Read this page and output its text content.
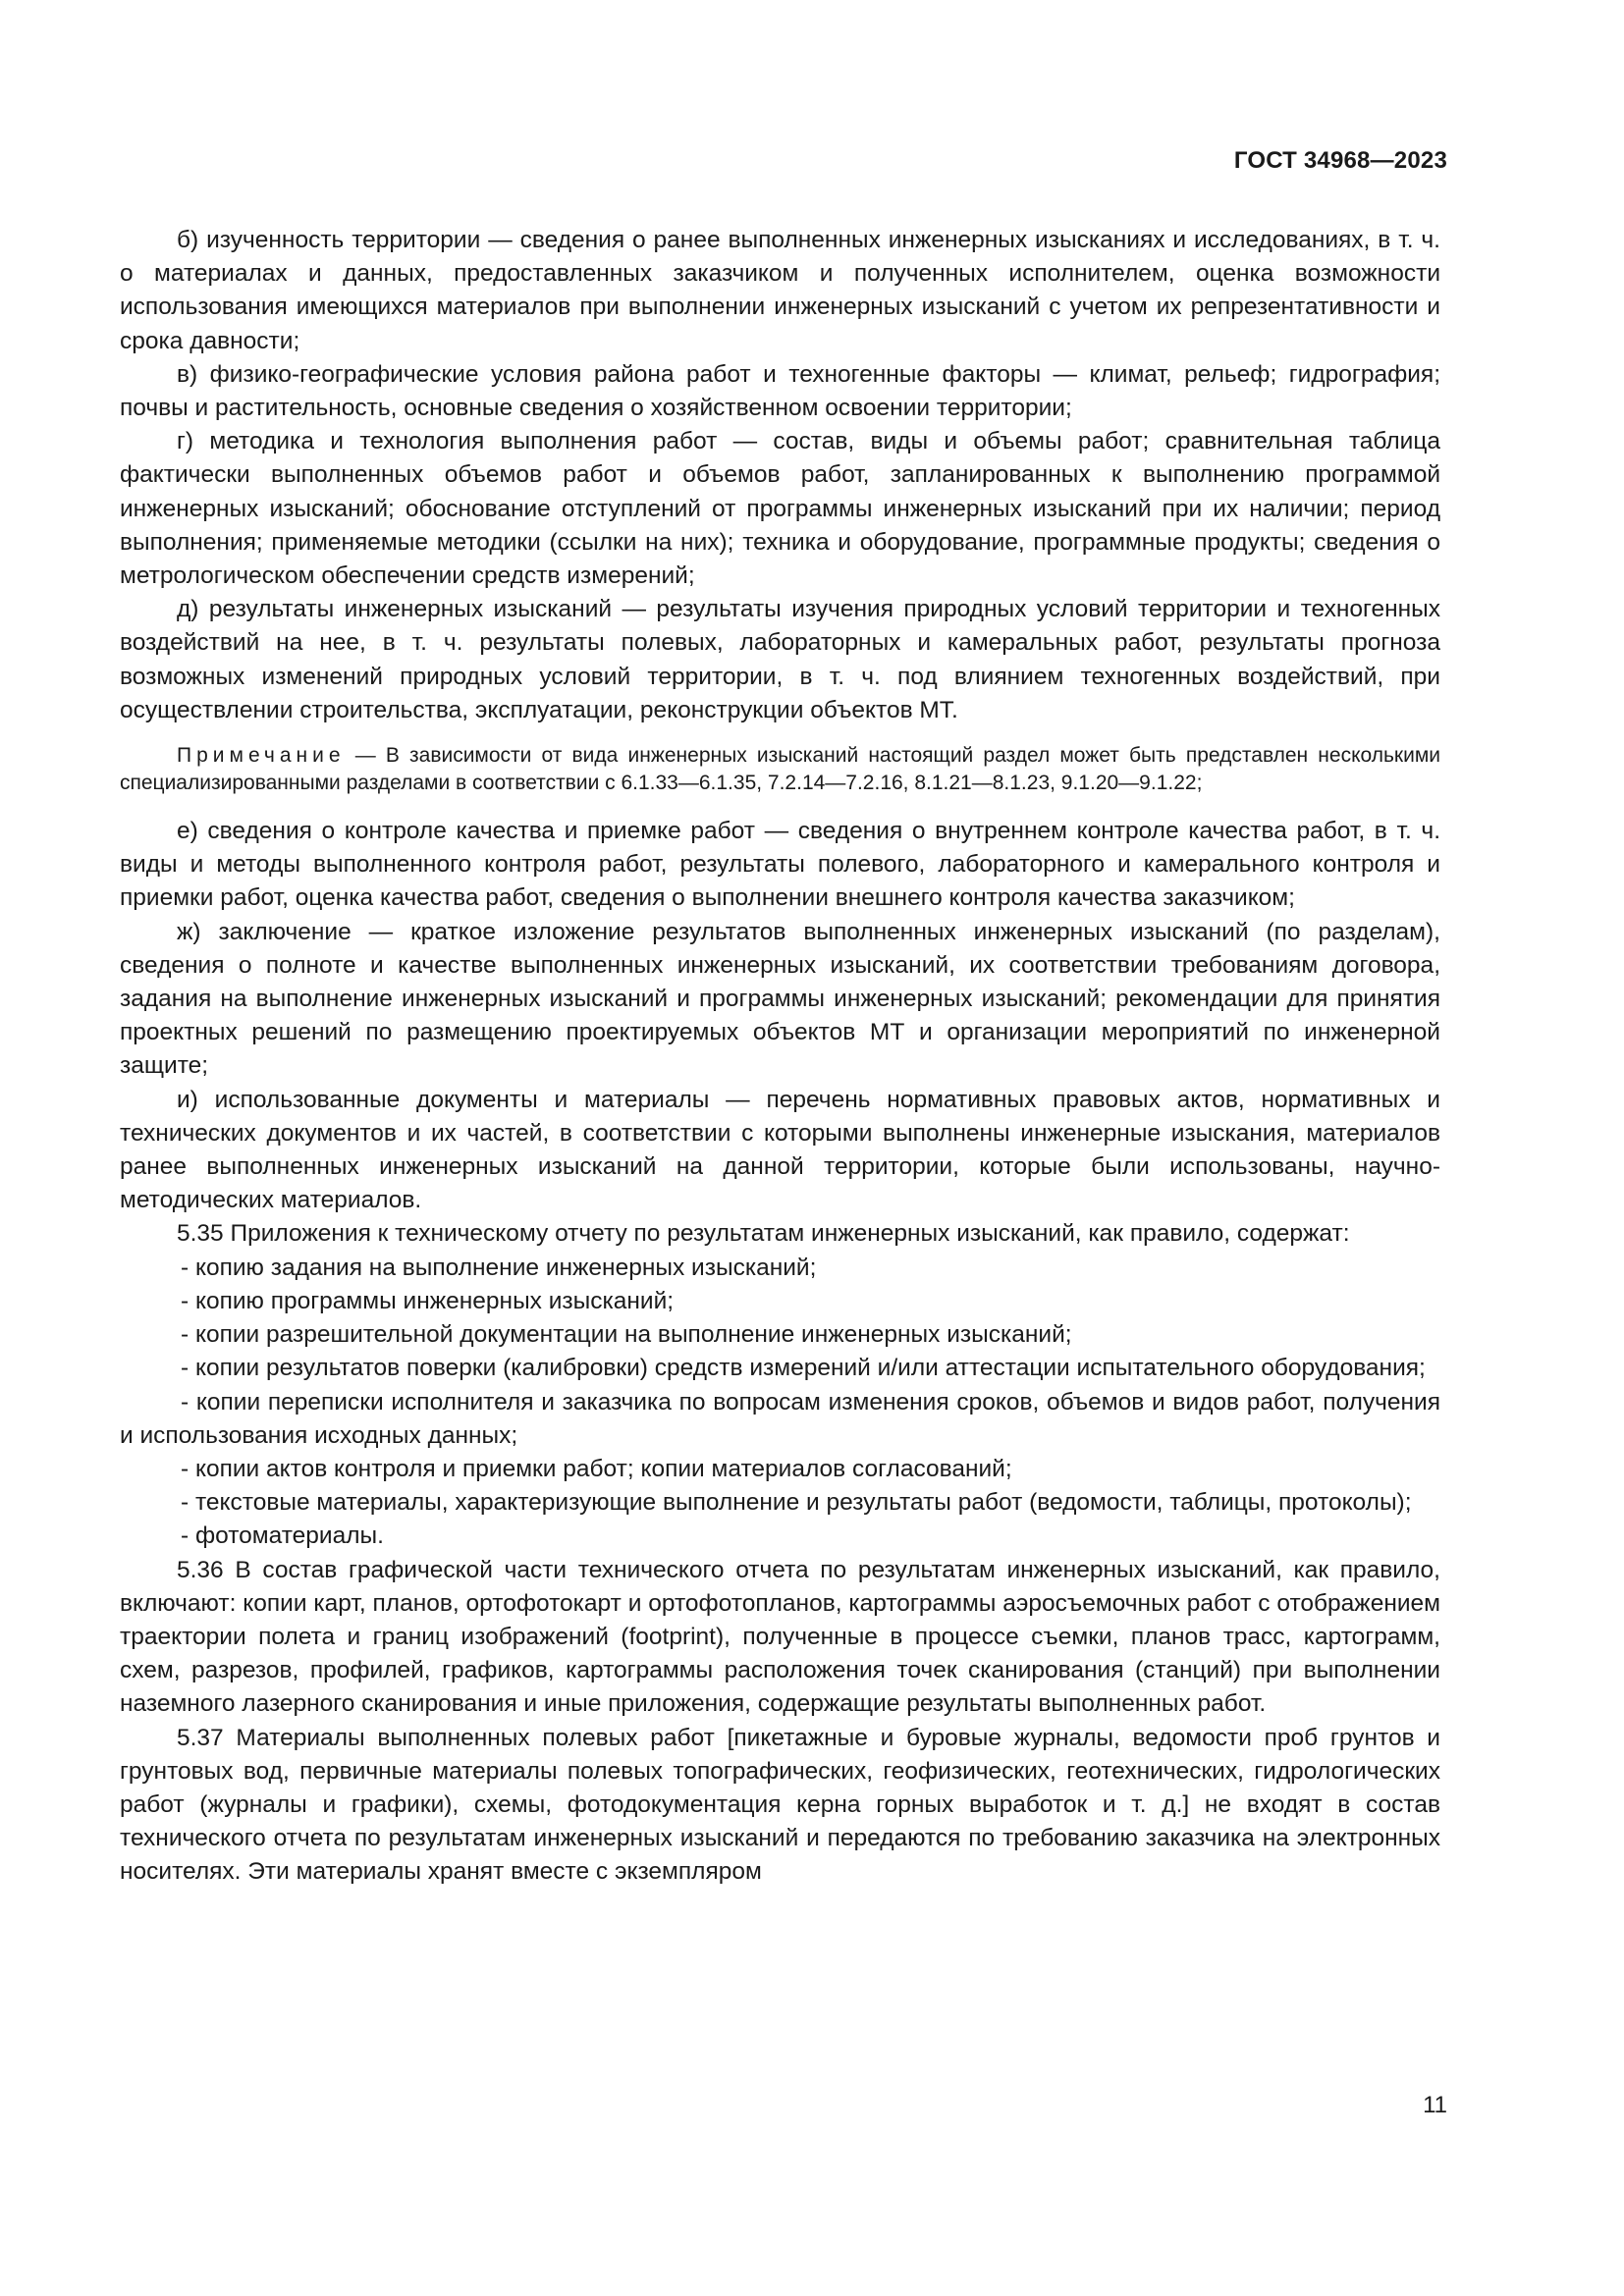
ГОСТ 34968—2023

б) изученность территории — сведения о ранее выполненных инженерных изысканиях и исследованиях, в т. ч. о материалах и данных, предоставленных заказчиком и полученных исполнителем, оценка возможности использования имеющихся материалов при выполнении инженерных изысканий с учетом их репрезентативности и срока давности;

в) физико-географические условия района работ и техногенные факторы — климат, рельеф; гидрография; почвы и растительность, основные сведения о хозяйственном освоении территории;

г) методика и технология выполнения работ — состав, виды и объемы работ; сравнительная таблица фактически выполненных объемов работ и объемов работ, запланированных к выполнению программой инженерных изысканий; обоснование отступлений от программы инженерных изысканий при их наличии; период выполнения; применяемые методики (ссылки на них); техника и оборудование, программные продукты; сведения о метрологическом обеспечении средств измерений;

д) результаты инженерных изысканий — результаты изучения природных условий территории и техногенных воздействий на нее, в т. ч. результаты полевых, лабораторных и камеральных работ, результаты прогноза возможных изменений природных условий территории, в т. ч. под влиянием техногенных воздействий, при осуществлении строительства, эксплуатации, реконструкции объектов МТ.

Примечание — В зависимости от вида инженерных изысканий настоящий раздел может быть представлен несколькими специализированными разделами в соответствии с 6.1.33—6.1.35, 7.2.14—7.2.16, 8.1.21—8.1.23, 9.1.20—9.1.22;

е) сведения о контроле качества и приемке работ — сведения о внутреннем контроле качества работ, в т. ч. виды и методы выполненного контроля работ, результаты полевого, лабораторного и камерального контроля и приемки работ, оценка качества работ, сведения о выполнении внешнего контроля качества заказчиком;

ж) заключение — краткое изложение результатов выполненных инженерных изысканий (по разделам), сведения о полноте и качестве выполненных инженерных изысканий, их соответствии требованиям договора, задания на выполнение инженерных изысканий и программы инженерных изысканий; рекомендации для принятия проектных решений по размещению проектируемых объектов МТ и организации мероприятий по инженерной защите;

и) использованные документы и материалы — перечень нормативных правовых актов, нормативных и технических документов и их частей, в соответствии с которыми выполнены инженерные изыскания, материалов ранее выполненных инженерных изысканий на данной территории, которые были использованы, научно-методических материалов.

5.35 Приложения к техническому отчету по результатам инженерных изысканий, как правило, содержат:

- копию задания на выполнение инженерных изысканий;

- копию программы инженерных изысканий;

- копии разрешительной документации на выполнение инженерных изысканий;

- копии результатов поверки (калибровки) средств измерений и/или аттестации испытательного оборудования;

- копии переписки исполнителя и заказчика по вопросам изменения сроков, объемов и видов работ, получения и использования исходных данных;

- копии актов контроля и приемки работ; копии материалов согласований;

- текстовые материалы, характеризующие выполнение и результаты работ (ведомости, таблицы, протоколы);

- фотоматериалы.

5.36 В состав графической части технического отчета по результатам инженерных изысканий, как правило, включают: копии карт, планов, ортофотокарт и ортофотопланов, картограммы аэросъемочных работ с отображением траектории полета и границ изображений (footprint), полученные в процессе съемки, планов трасс, картограмм, схем, разрезов, профилей, графиков, картограммы расположения точек сканирования (станций) при выполнении наземного лазерного сканирования и иные приложения, содержащие результаты выполненных работ.

5.37 Материалы выполненных полевых работ [пикетажные и буровые журналы, ведомости проб грунтов и грунтовых вод, первичные материалы полевых топографических, геофизических, геотехнических, гидрологических работ (журналы и графики), схемы, фотодокументация керна горных выработок и т. д.] не входят в состав технического отчета по результатам инженерных изысканий и передаются по требованию заказчика на электронных носителях. Эти материалы хранят вместе с экземпляром

11
